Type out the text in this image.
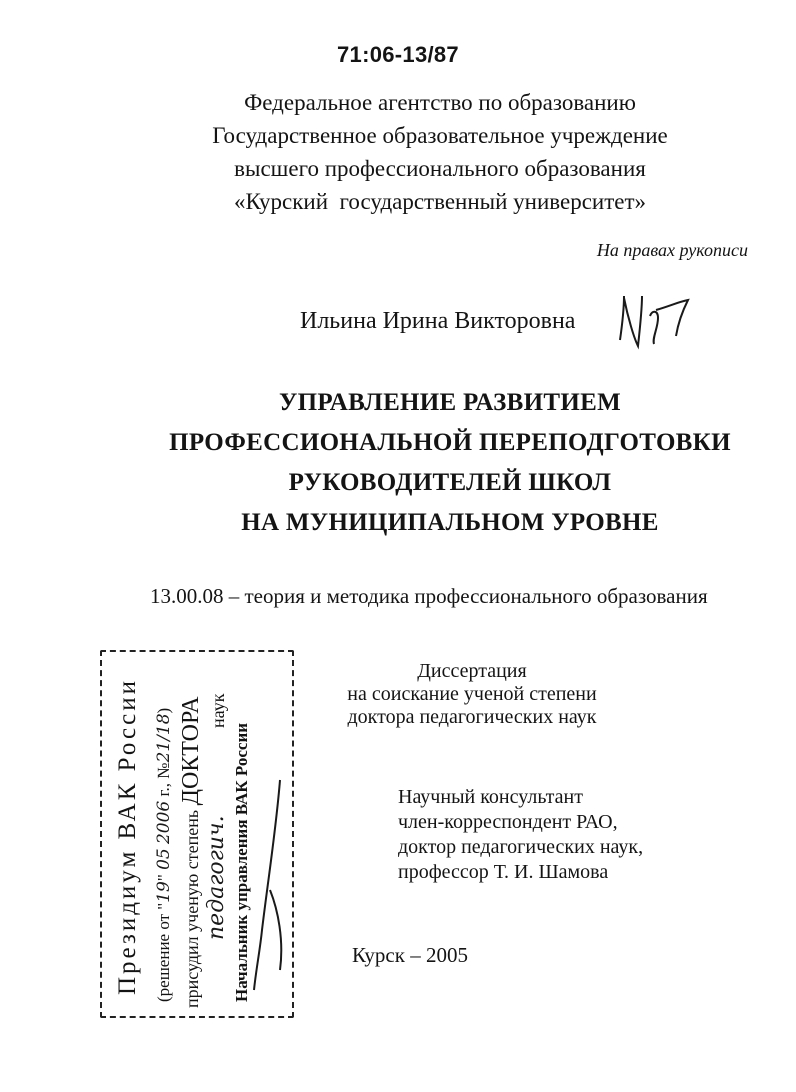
71:06-13/87
Федеральное агентство по образованию
Государственное образовательное учреждение
высшего профессионального образования
«Курский  государственный университет»
На правах рукописи
Ильина Ирина Викторовна
УПРАВЛЕНИЕ РАЗВИТИЕМ
ПРОФЕССИОНАЛЬНОЙ ПЕРЕПОДГОТОВКИ
РУКОВОДИТЕЛЕЙ ШКОЛ
НА МУНИЦИПАЛЬНОМ УРОВНЕ
13.00.08 – теория и методика профессионального образования
Диссертация
на соискание ученой степени
доктора педагогических наук
Научный консультант
член-корреспондент РАО,
доктор педагогических наук,
профессор Т. И. Шамова
Курск – 2005
Президиум ВАК России (решение от "19" 05 2006 г., №21/18)
присудил ученую степень ДОКТОРА
педагогич.
наук
Начальник управления ВАК России
